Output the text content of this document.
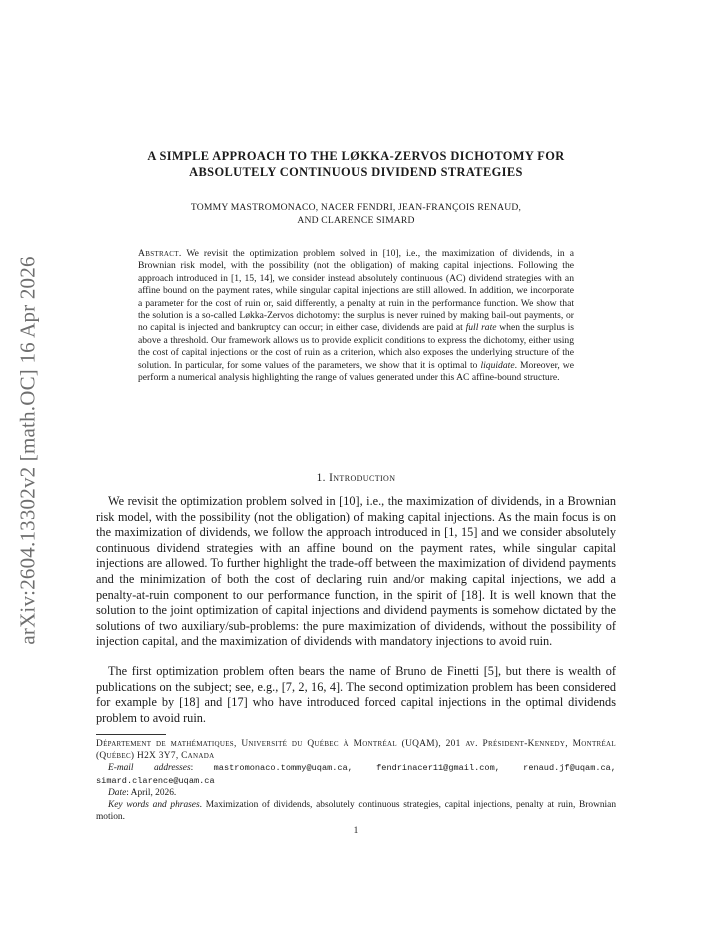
arXiv:2604.13302v2 [math.OC] 16 Apr 2026
A SIMPLE APPROACH TO THE LØKKA-ZERVOS DICHOTOMY FOR
ABSOLUTELY CONTINUOUS DIVIDEND STRATEGIES
TOMMY MASTROMONACO, NACER FENDRI, JEAN-FRANÇOIS RENAUD,
AND CLARENCE SIMARD

Abstract. We revisit the optimization problem solved in [10], i.e., the maximization of dividends, in a Brownian risk model, with the possibility (not the obligation) of making capital injections. Following the approach introduced in [1, 15, 14], we consider instead absolutely continuous (AC) dividend strategies with an affine bound on the payment rates, while singular capital injections are still allowed. In addition, we incorporate a parameter for the cost of ruin or, said differently, a penalty at ruin in the performance function. We show that the solution is a so-called Løkka-Zervos dichotomy: the surplus is never ruined by making bail-out payments, or no capital is injected and bankruptcy can occur; in either case, dividends are paid at full rate when the surplus is above a threshold. Our framework allows us to provide explicit conditions to express the dichotomy, either using the cost of capital injections or the cost of ruin as a criterion, which also exposes the underlying structure of the solution. In particular, for some values of the parameters, we show that it is optimal to liquidate. Moreover, we perform a numerical analysis highlighting the range of values generated under this AC affine-bound structure.

1. Introduction

We revisit the optimization problem solved in [10], i.e., the maximization of dividends, in a Brownian risk model, with the possibility (not the obligation) of making capital injections. As the main focus is on the maximization of dividends, we follow the approach introduced in [1, 15] and we consider absolutely continuous dividend strategies with an affine bound on the payment rates, while singular capital injections are allowed. To further highlight the trade-off between the maximization of dividend payments and the minimization of both the cost of declaring ruin and/or making capital injections, we add a penalty-at-ruin component to our performance function, in the spirit of [18]. It is well known that the solution to the joint optimization of capital injections and dividend payments is somehow dictated by the solutions of two auxiliary/sub-problems: the pure maximization of dividends, without the possibility of injection capital, and the maximization of dividends with mandatory injections to avoid ruin.

The first optimization problem often bears the name of Bruno de Finetti [5], but there is wealth of publications on the subject; see, e.g., [7, 2, 16, 4]. The second optimization problem has been considered for example by [18] and [17] who have introduced forced capital injections in the optimal dividends problem to avoid ruin.

Département de mathématiques, Université du Québec à Montréal (UQAM), 201 av. Président-Kennedy, Montréal (Québec) H2X 3Y7, Canada

E-mail addresses: mastromonaco.tommy@uqam.ca, fendrinacer11@gmail.com, renaud.jf@uqam.ca, simard.clarence@uqam.ca

Date: April, 2026.

Key words and phrases. Maximization of dividends, absolutely continuous strategies, capital injections, penalty at ruin, Brownian motion.

1
